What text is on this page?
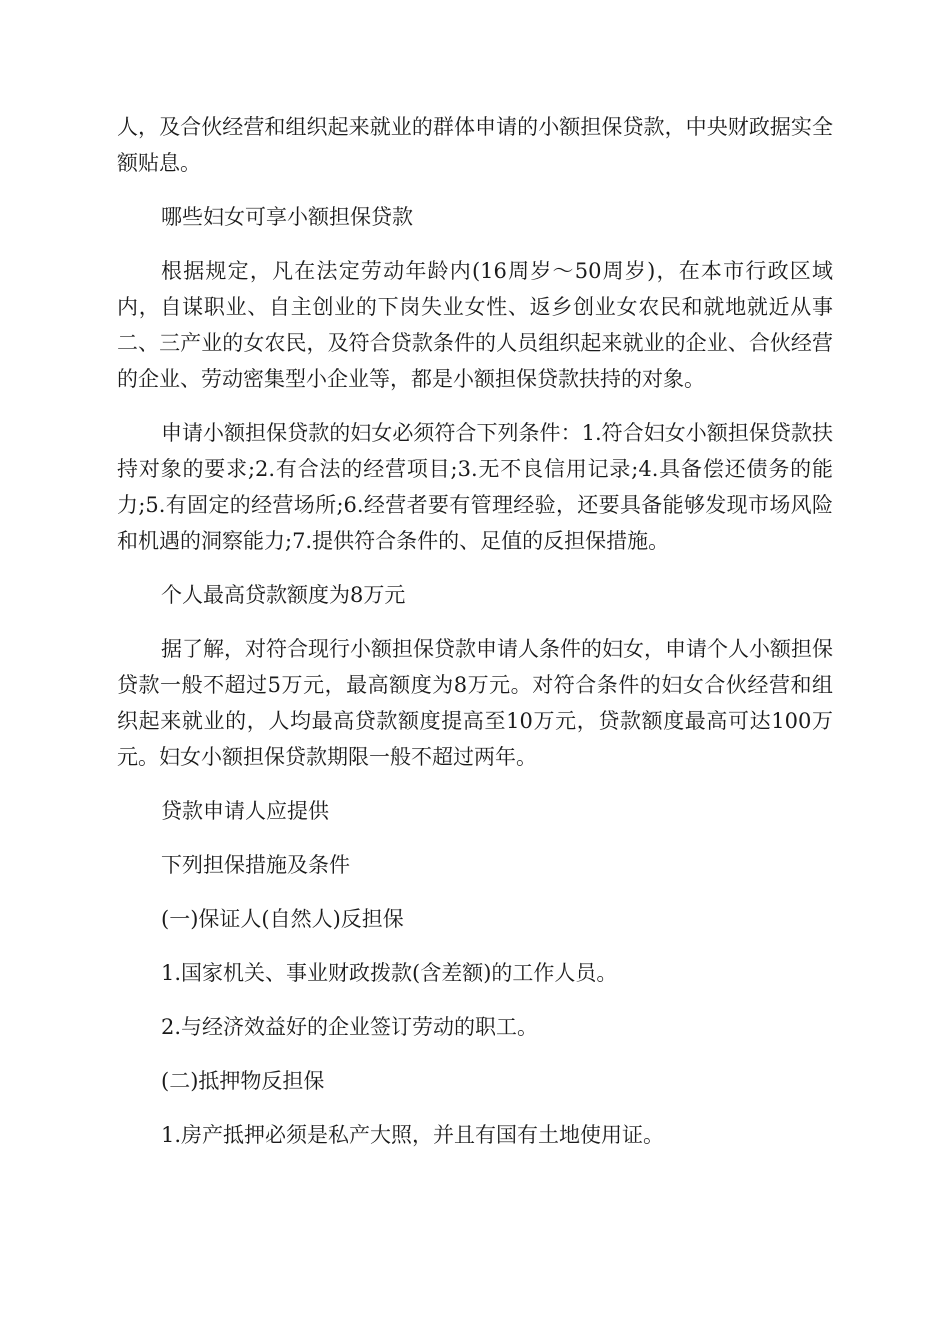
人，及合伙经营和组织起来就业的群体申请的小额担保贷款，中央财政据实全额贴息。

哪些妇女可享小额担保贷款

根据规定，凡在法定劳动年龄内(16周岁～50周岁)，在本市行政区域内，自谋职业、自主创业的下岗失业女性、返乡创业女农民和就地就近从事二、三产业的女农民，及符合贷款条件的人员组织起来就业的企业、合伙经营的企业、劳动密集型小企业等，都是小额担保贷款扶持的对象。

申请小额担保贷款的妇女必须符合下列条件：1.符合妇女小额担保贷款扶持对象的要求;2.有合法的经营项目;3.无不良信用记录;4.具备偿还债务的能力;5.有固定的经营场所;6.经营者要有管理经验，还要具备能够发现市场风险和机遇的洞察能力;7.提供符合条件的、足值的反担保措施。

个人最高贷款额度为8万元

据了解，对符合现行小额担保贷款申请人条件的妇女，申请个人小额担保贷款一般不超过5万元，最高额度为8万元。对符合条件的妇女合伙经营和组织起来就业的，人均最高贷款额度提高至10万元，贷款额度最高可达100万元。妇女小额担保贷款期限一般不超过两年。

贷款申请人应提供

下列担保措施及条件

(一)保证人(自然人)反担保

1.国家机关、事业财政拨款(含差额)的工作人员。

2.与经济效益好的企业签订劳动的职工。

(二)抵押物反担保

1.房产抵押必须是私产大照，并且有国有土地使用证。
